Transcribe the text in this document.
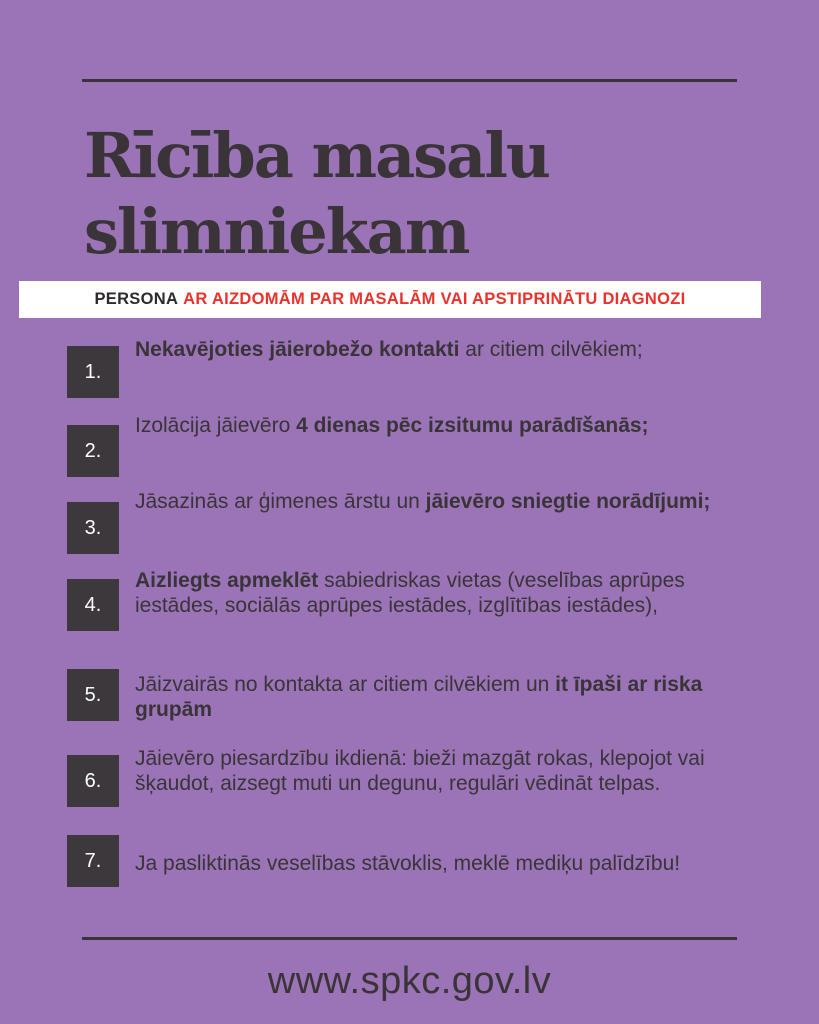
Rīcība masalu
slimniekam
PERSONA AR AIZDOMĀM PAR MASALĀM VAI APSTIPRINĀTU DIAGNOZI
1.
Nekavējoties jāierobežo kontakti ar citiem cilvēkiem;
2.
Izolācija jāievēro 4 dienas pēc izsitumu parādīšanās;
3.
Jāsazinās ar ģimenes ārstu un jāievēro sniegtie norādījumi;
4.
Aizliegts apmeklēt sabiedriskas vietas (veselības aprūpes iestādes, sociālās aprūpes iestādes, izglītības iestādes),
5.	Jāizvairās no kontakta ar citiem cilvēkiem un it īpaši ar riska grupām
6.
Jāievēro piesardzību ikdienā: bieži mazgāt rokas, klepojot vai šķaudot, aizsegt muti un degunu, regulāri vēdināt telpas.
7.	Ja pasliktinās veselības stāvoklis, meklē mediķu palīdzību!
www.spkc.gov.lv
